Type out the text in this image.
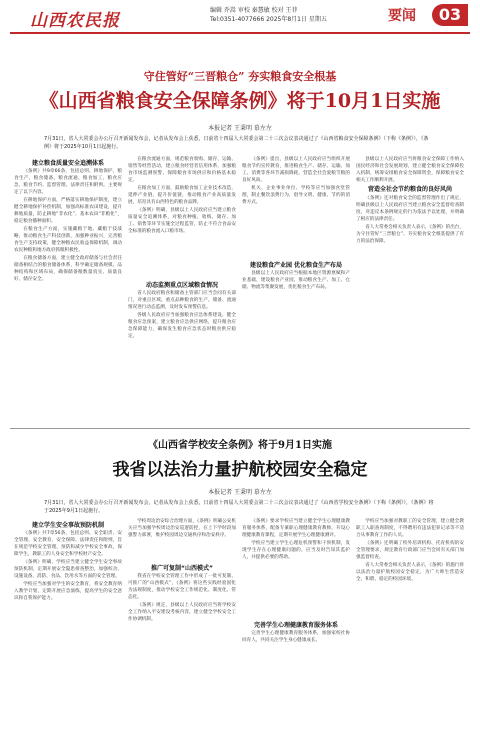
山西农民报
编辑 乔嵩 审校 秦慧敏 校对 王菲
Tel:0351-4077666 2025年8月1日 星期五	要闻	03
守住管好“三晋粮仓” 夯实粮食安全根基
《山西省粮食安全保障条例》将于10月1日实施
本报记者 王秉明 慕左左
7月31日，省人大常委会办公厅召开新闻发布会，记者从发布会上获悉，日前省十四届人大常委会第二十三次会议表决通过了《山西省粮食安全保障条例》（下称《条例》），《条例》将于2025年10月1日起施行。
建立粮食质量安全追溯体系

《条例》共9章66条，包括总则、耕地保护、粮食生产、粮食储备、粮食流通、粮食加工、粮食应急、粮食节约、监督管理、法律责任和附则。主要规定了以下内容。

在耕地保护方面，严格落实耕地保护制度，建立健全耕地保护补偿机制，加强高标准农田建设，提升耕地质量，防止耕地“非农化”、基本农田“非粮化”，稳定粮食播种面积。

在粮食生产方面，实施藏粮于地、藏粮于技战略，推动粮食生产科技创新，加强种业振兴，完善粮食生产支持政策，健全种粮农民收益保障机制，调动农民种粮和地方政府抓粮积极性。

在粮食储备方面，建立健全政府储备与社会责任储备相结合的粮食储备体系，科学确定储备规模、品种结构和区域布局，确保储备粮数量真实、质量良好、储存安全。

在粮食流通方面，规范粮食收购、储存、运输、销售等经营活动，建立粮食经营者信用体系，加强粮食市场监测预警，保障粮食市场供应和价格基本稳定。

在粮食加工方面，鼓励粮食加工企业技术改造，延伸产业链，提升价值链，推动粮食产业高质量发展，培育具有山西特色的粮食品牌。

《条例》明确，县级以上人民政府应当建立粮食质量安全追溯体系，对粮食种植、收购、储存、加工、销售等环节实施全过程监管，防止不符合食品安全标准的粮食流入口粮市场。

动态监测重点区域粮食情况

省人民政府粮食和储备主管部门应当会同有关部门，对重点区域、重点品种粮食的生产、储备、流通情况进行动态监测，及时发布预警信息。

各级人民政府应当加强粮食应急体系建设，健全粮食应急预案，建立粮食应急供应网络，提升粮食应急保障能力，确保发生粮食应急状态时粮食供应稳定。

《条例》提出，县级以上人民政府应当组织开展粮食节约宣传教育，推进粮食生产、储存、运输、加工、消费等各环节减损降耗，营造全社会爱粮节粮的良好风尚。

机关、企业事业单位、学校等应当加强食堂管理，制止餐饮浪费行为，倡导文明、健康、节约的消费方式。

建设粮食产业园 优化粮食生产布局

县级以上人民政府应当根据本地区资源禀赋和产业基础，建设粮食产业园，推动粮食生产、加工、仓储、物流等集聚发展，优化粮食生产布局。

县级以上人民政府应当将粮食安全保障工作纳入国民经济和社会发展规划，建立健全粮食安全保障投入机制，统筹安排粮食安全保障资金，保障粮食安全相关工作顺利开展。

营造全社会节约粮食的良好风尚

《条例》还对粮食安全的监督管理作出了规定，明确县级以上人民政府应当建立粮食安全监督检查制度，对违反本条例规定的行为依法予以处理，并明确了相应的法律责任。

省人大常委会相关负责人表示，《条例》的出台，为守住管好“三晋粮仓”、夯实粮食安全根基提供了有力的法治保障。

《山西省学校安全条例》将于9月1日实施
我省以法治力量护航校园安全稳定
本报记者 王秉明 慕左左
7月31日，省人大常委会办公厅召开新闻发布会，记者从发布会上获悉，日前省十四届人大常委会第二十三次会议表决通过了《山西省学校安全条例》（下称《条例》），《条例》将于2025年9月1日起施行。
建立学生安全事故预防机制

《条例》共7章56条，包括总则、安全职责、安全管理、安全教育、安全保障、法律责任和附则，旨在规范学校安全管理，预防和减少学校安全事故，保障学生、教职工的人身安全和学校财产安全。

《条例》明确，学校应当建立健全学生安全事故预防机制，定期开展安全隐患排查整治，加强校舍、设施设备、消防、食品、饮用水等方面的安全管理。

学校应当加强对学生的安全教育，将安全教育纳入教学计划，定期开展应急演练，提高学生的安全意识和自我保护能力。

学校周边治安综合治理方面，《条例》明确公安机关应当加强学校周边治安巡逻防控，在上下学时段加强警力部署，维护校园周边交通秩序和治安秩序。

推广可复制“山西模式”

我省在学校安全管理工作中形成了一批可复制、可推广的“山西模式”，《条例》将这些实践经验固化为法规制度，推动学校安全工作规范化、制度化、常态化。

《条例》规定，县级以上人民政府应当将学校安全工作纳入平安建设考核内容，建立健全学校安全工作协调机制。

《条例》要求学校应当建立健全学生心理健康教育服务体系，配备专兼职心理健康教育教师，开设心理健康教育课程，定期开展学生心理健康测评。

学校应当建立学生心理危机预警和干预机制，发现学生存在心理健康问题的，应当及时告知其监护人，并提供必要的帮助。

完善学生心理健康教育服务体系

完善学生心理健康教育服务体系，加强家校社协同育人，共同关注学生身心健康成长。

学校应当加强对教职工的安全管理，建立健全教职工入职查询制度，不得聘用有违法犯罪记录等不适合从事教育工作的人员。

《条例》还明确了校外培训机构、托育机构的安全管理要求，规定教育行政部门应当会同有关部门加强监督检查。

省人大常委会相关负责人表示，《条例》的施行将以法治力量护航校园安全稳定，为广大师生营造安全、和谐、稳定的校园环境。
